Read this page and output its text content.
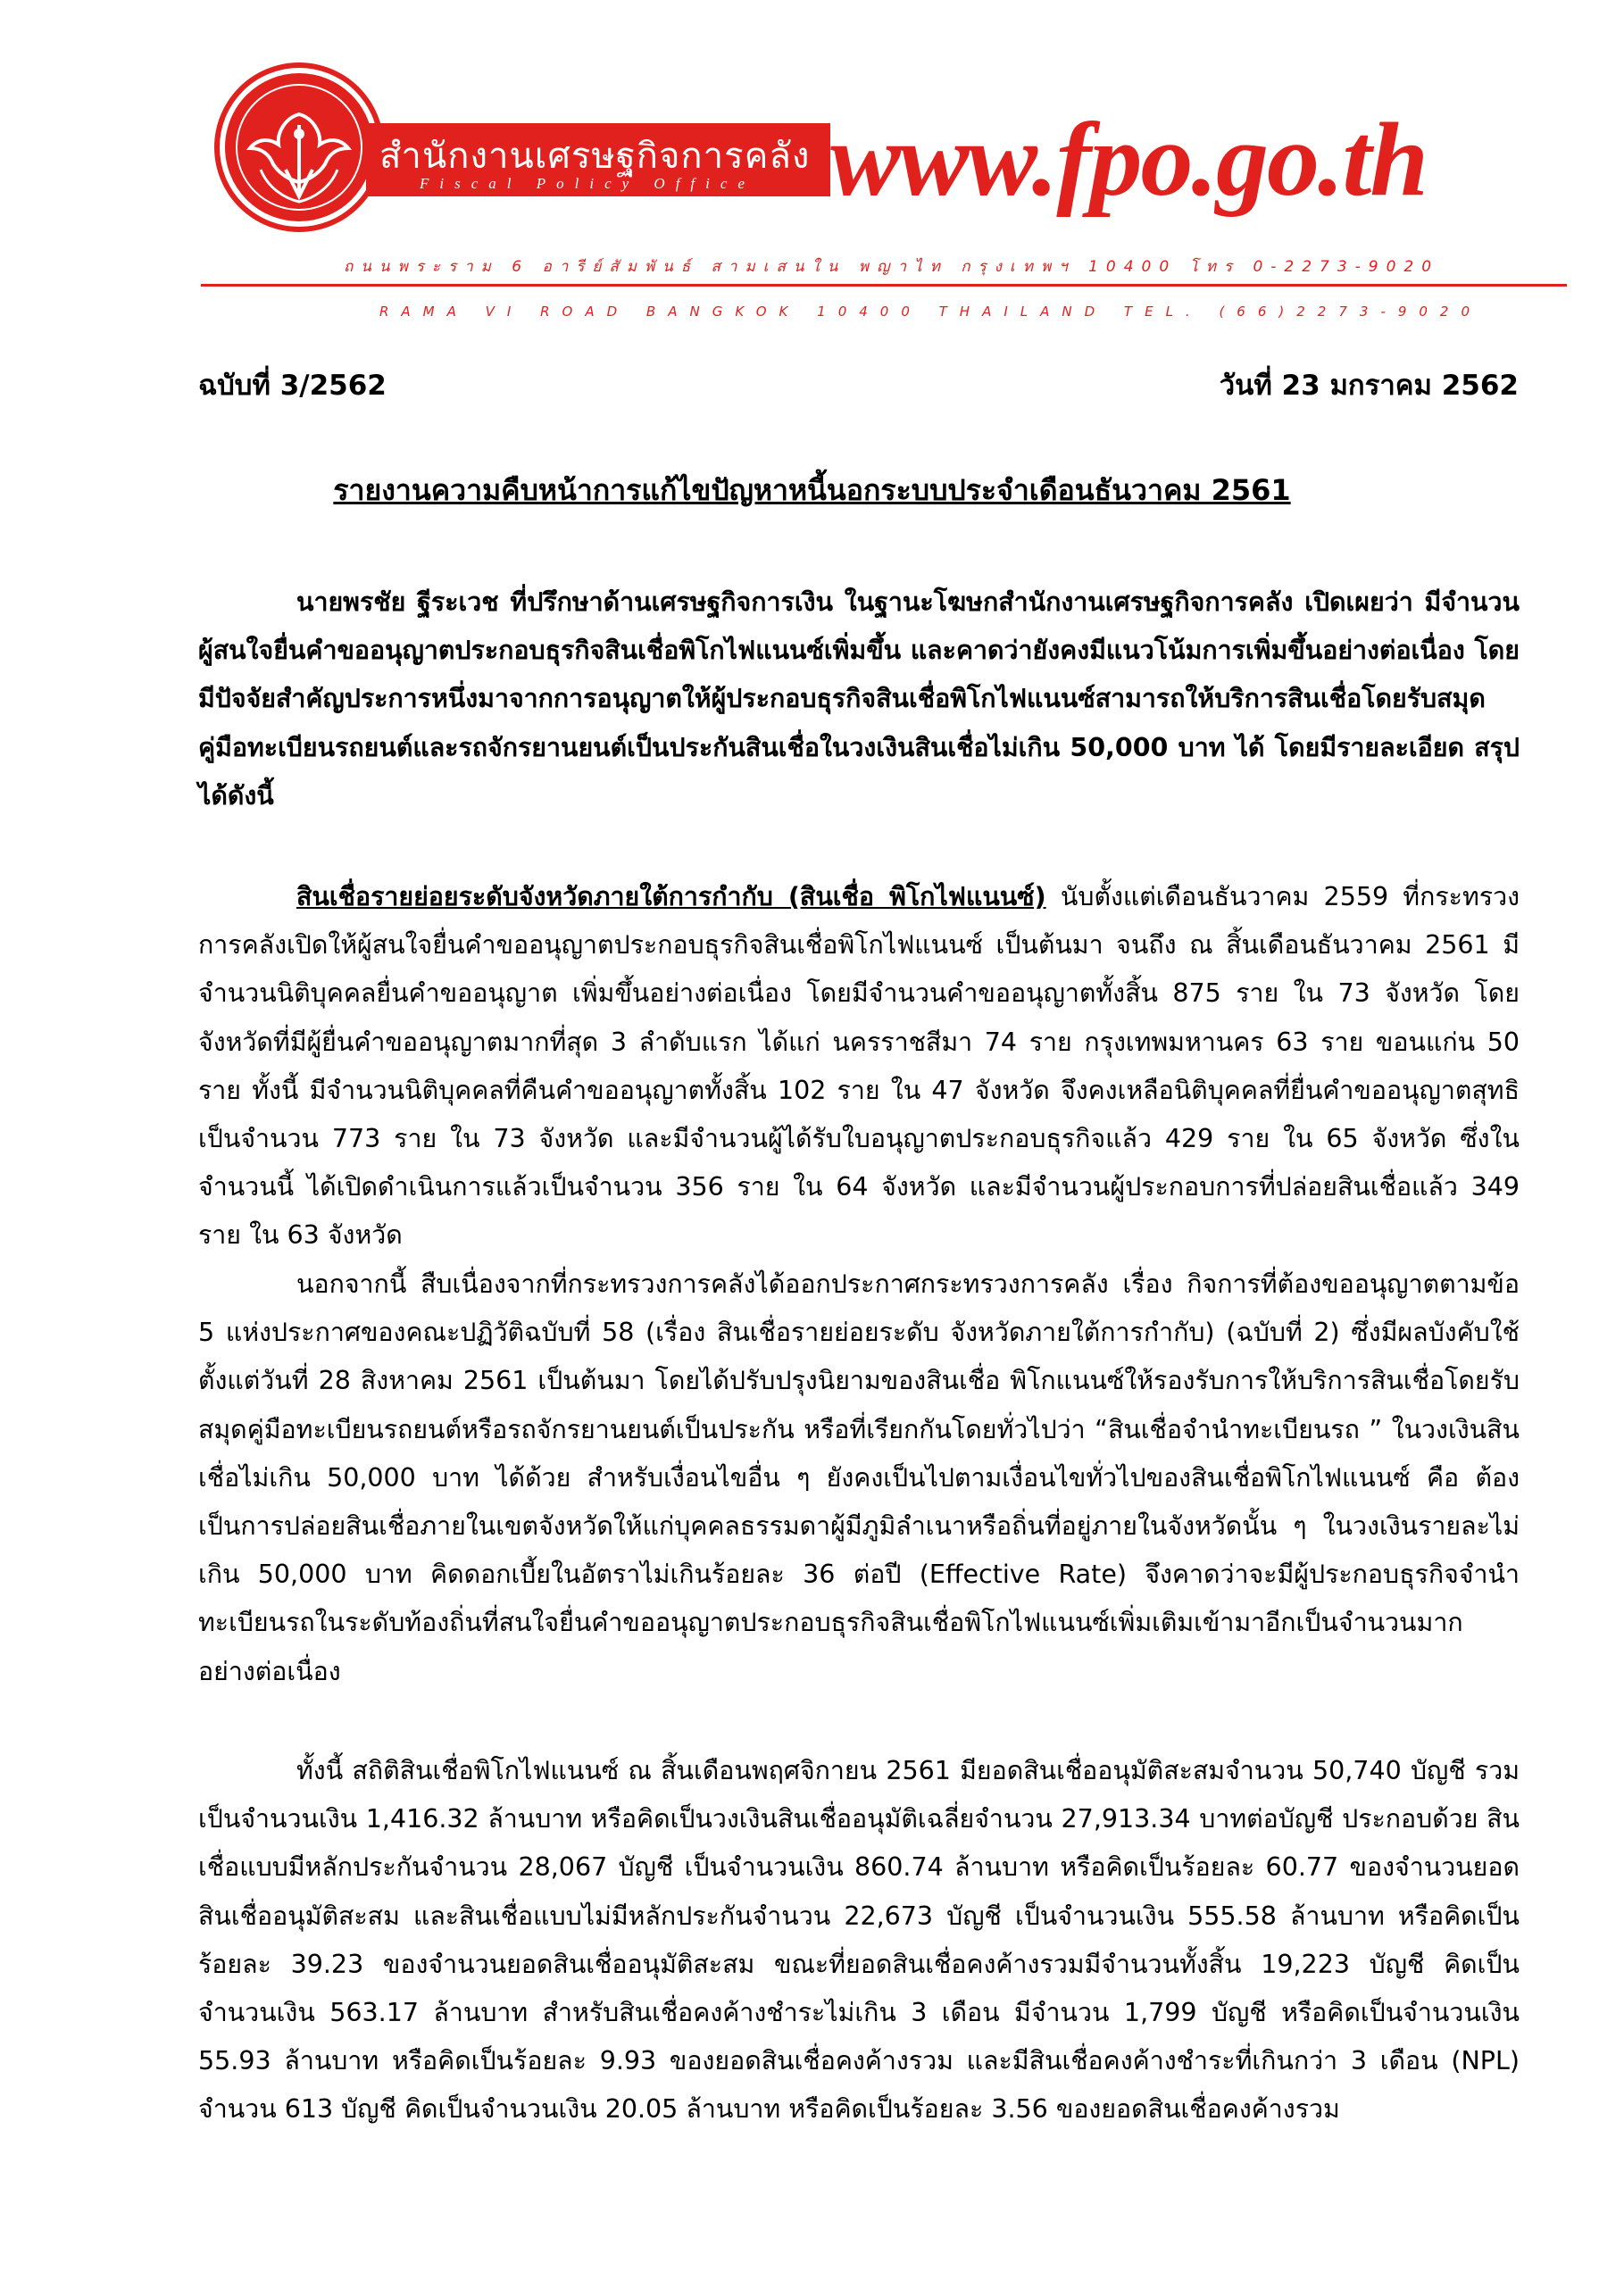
สำนักงานเศรษฐกิจการคลัง
Fiscal Policy Office www.fpo.go.th
ถนนพระราม 6 อารีย์สัมพันธ์ สามเสนใน พญาไท กรุงเทพฯ 10400 โทร 0-2273-9020
RAMA VI ROAD BANGKOK 10400 THAILAND TEL. (66)2273-9020
ฉบับที่ 3/2562	วันที่ 23 มกราคม 2562
รายงานความคืบหน้าการแก้ไขปัญหาหนี้นอกระบบประจำเดือนธันวาคม 2561
นายพรชัย ฐีระเวช ที่ปรึกษาด้านเศรษฐกิจการเงิน ในฐานะโฆษกสำนักงานเศรษฐกิจการคลัง เปิดเผยว่า มีจำนวนผู้สนใจยื่นคำขออนุญาตประกอบธุรกิจสินเชื่อพิโกไฟแนนซ์เพิ่มขึ้น และคาดว่ายังคงมีแนวโน้มการเพิ่มขึ้นอย่างต่อเนื่อง โดยมีปัจจัยสำคัญประการหนึ่งมาจากการอนุญาตให้ผู้ประกอบธุรกิจสินเชื่อพิโกไฟแนนซ์สามารถให้บริการสินเชื่อโดยรับสมุดคู่มือทะเบียนรถยนต์และรถจักรยานยนต์เป็นประกันสินเชื่อในวงเงินสินเชื่อไม่เกิน 50,000 บาท ได้ โดยมีรายละเอียด สรุปได้ดังนี้
สินเชื่อรายย่อยระดับจังหวัดภายใต้การกำกับ (สินเชื่อ พิโกไฟแนนซ์) นับตั้งแต่เดือนธันวาคม 2559 ที่กระทรวงการคลังเปิดให้ผู้สนใจยื่นคำขออนุญาตประกอบธุรกิจสินเชื่อพิโกไฟแนนซ์ เป็นต้นมา จนถึง ณ สิ้นเดือนธันวาคม 2561 มีจำนวนนิติบุคคลยื่นคำขออนุญาต เพิ่มขึ้นอย่างต่อเนื่อง โดยมีจำนวนคำขออนุญาตทั้งสิ้น 875 ราย ใน 73 จังหวัด โดยจังหวัดที่มีผู้ยื่นคำขออนุญาตมากที่สุด 3 ลำดับแรก ได้แก่ นครราชสีมา 74 ราย กรุงเทพมหานคร 63 ราย ขอนแก่น 50 ราย ทั้งนี้ มีจำนวนนิติบุคคลที่คืนคำขออนุญาตทั้งสิ้น 102 ราย ใน 47 จังหวัด จึงคงเหลือนิติบุคคลที่ยื่นคำขออนุญาตสุทธิเป็นจำนวน 773 ราย ใน 73 จังหวัด และมีจำนวนผู้ได้รับใบอนุญาตประกอบธุรกิจแล้ว 429 ราย ใน 65 จังหวัด ซึ่งในจำนวนนี้ ได้เปิดดำเนินการแล้วเป็นจำนวน 356 ราย ใน 64 จังหวัด และมีจำนวนผู้ประกอบการที่ปล่อยสินเชื่อแล้ว 349 ราย ใน 63 จังหวัด
นอกจากนี้ สืบเนื่องจากที่กระทรวงการคลังได้ออกประกาศกระทรวงการคลัง เรื่อง กิจการที่ต้องขออนุญาตตามข้อ 5 แห่งประกาศของคณะปฏิวัติฉบับที่ 58 (เรื่อง สินเชื่อรายย่อยระดับ จังหวัดภายใต้การกำกับ) (ฉบับที่ 2) ซึ่งมีผลบังคับใช้ตั้งแต่วันที่ 28 สิงหาคม 2561 เป็นต้นมา โดยได้ปรับปรุงนิยามของสินเชื่อ พิโกแนนซ์ให้รองรับการให้บริการสินเชื่อโดยรับสมุดคู่มือทะเบียนรถยนต์หรือรถจักรยานยนต์เป็นประกัน หรือที่เรียกกันโดยทั่วไปว่า “สินเชื่อจำนำทะเบียนรถ ” ในวงเงินสินเชื่อไม่เกิน 50,000 บาท ได้ด้วย สำหรับเงื่อนไขอื่น ๆ ยังคงเป็นไปตามเงื่อนไขทั่วไปของสินเชื่อพิโกไฟแนนซ์ คือ ต้องเป็นการปล่อยสินเชื่อภายในเขตจังหวัดให้แก่บุคคลธรรมดาผู้มีภูมิลำเนาหรือถิ่นที่อยู่ภายในจังหวัดนั้น ๆ ในวงเงินรายละไม่เกิน 50,000 บาท คิดดอกเบี้ยในอัตราไม่เกินร้อยละ 36 ต่อปี (Effective Rate) จึงคาดว่าจะมีผู้ประกอบธุรกิจจำนำทะเบียนรถในระดับท้องถิ่นที่สนใจยื่นคำขออนุญาตประกอบธุรกิจสินเชื่อพิโกไฟแนนซ์เพิ่มเติมเข้ามาอีกเป็นจำนวนมากอย่างต่อเนื่อง
ทั้งนี้ สถิติสินเชื่อพิโกไฟแนนซ์ ณ สิ้นเดือนพฤศจิกายน 2561 มียอดสินเชื่ออนุมัติสะสมจำนวน 50,740 บัญชี รวมเป็นจำนวนเงิน 1,416.32 ล้านบาท หรือคิดเป็นวงเงินสินเชื่ออนุมัติเฉลี่ยจำนวน 27,913.34 บาทต่อบัญชี ประกอบด้วย สินเชื่อแบบมีหลักประกันจำนวน 28,067 บัญชี เป็นจำนวนเงิน 860.74 ล้านบาท หรือคิดเป็นร้อยละ 60.77 ของจำนวนยอดสินเชื่ออนุมัติสะสม และสินเชื่อแบบไม่มีหลักประกันจำนวน 22,673 บัญชี เป็นจำนวนเงิน 555.58 ล้านบาท หรือคิดเป็นร้อยละ 39.23 ของจำนวนยอดสินเชื่ออนุมัติสะสม ขณะที่ยอดสินเชื่อคงค้างรวมมีจำนวนทั้งสิ้น 19,223 บัญชี คิดเป็นจำนวนเงิน 563.17 ล้านบาท สำหรับสินเชื่อคงค้างชำระไม่เกิน 3 เดือน มีจำนวน 1,799 บัญชี หรือคิดเป็นจำนวนเงิน 55.93 ล้านบาท หรือคิดเป็นร้อยละ 9.93 ของยอดสินเชื่อคงค้างรวม และมีสินเชื่อคงค้างชำระที่เกินกว่า 3 เดือน (NPL) จำนวน 613 บัญชี คิดเป็นจำนวนเงิน 20.05 ล้านบาท หรือคิดเป็นร้อยละ 3.56 ของยอดสินเชื่อคงค้างรวม
